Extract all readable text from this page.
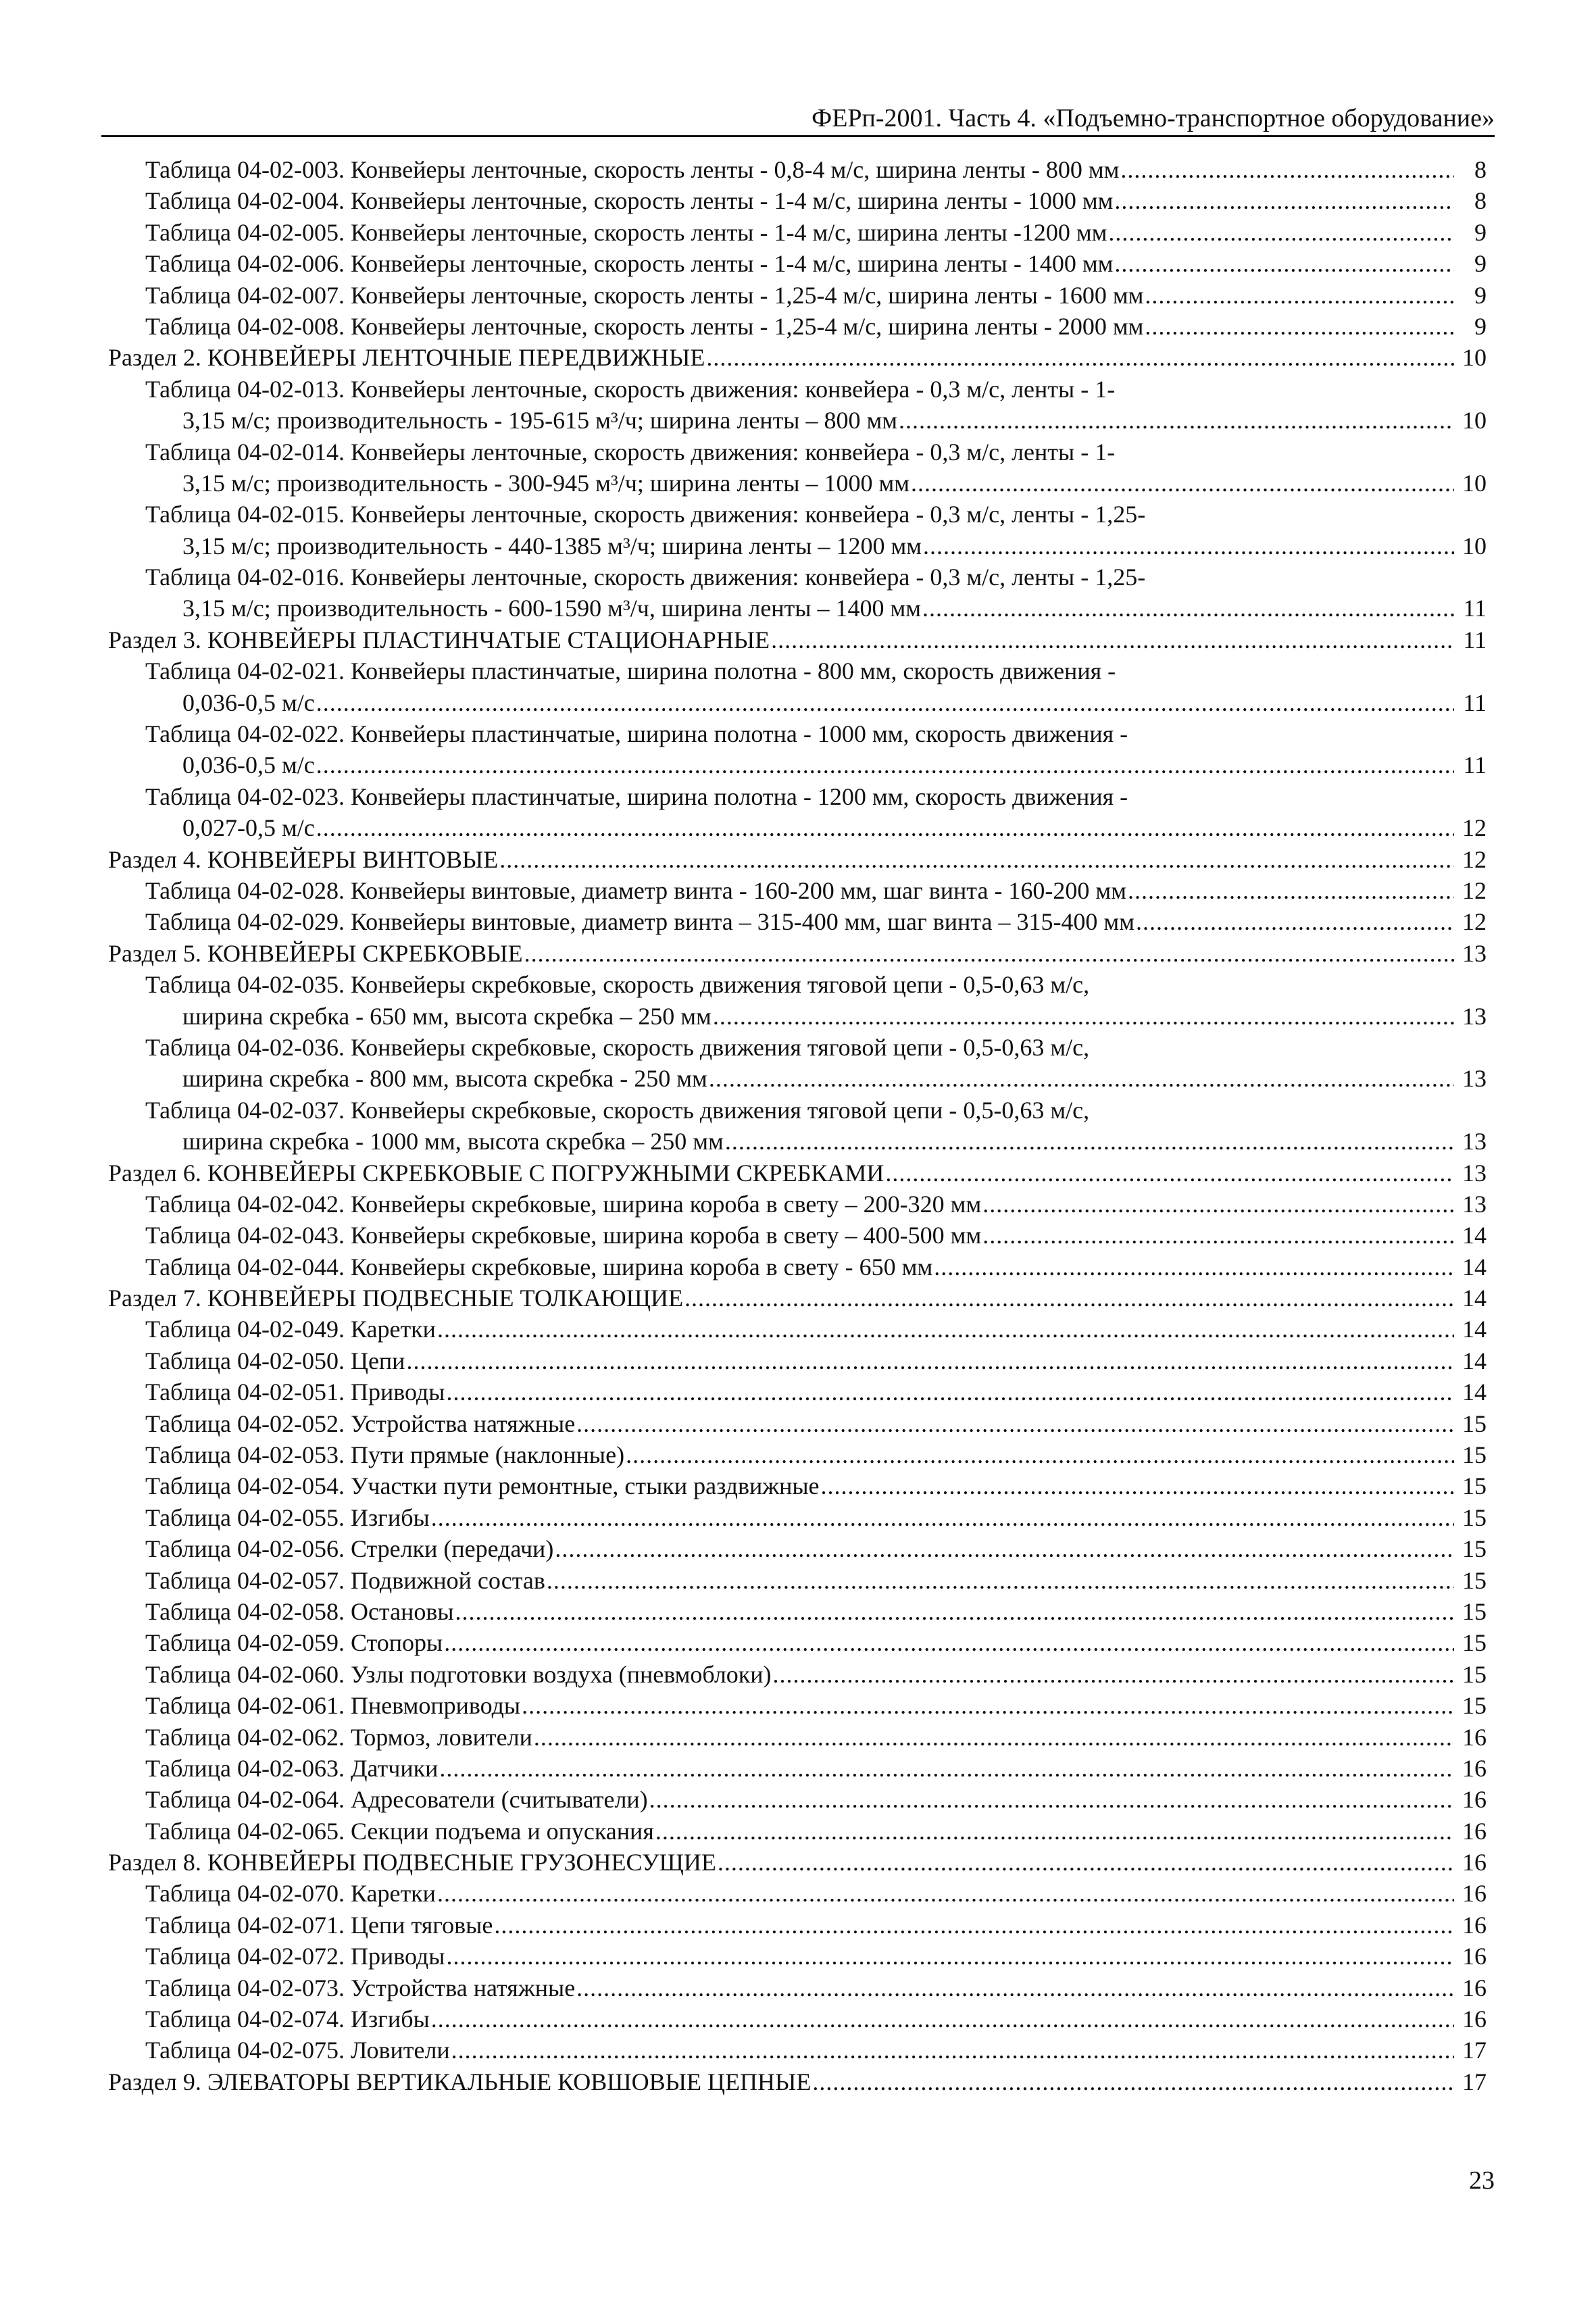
ФЕРп-2001. Часть 4. «Подъемно-транспортное оборудование»
Таблица 04-02-003. Конвейеры ленточные, скорость ленты - 0,8-4 м/с, ширина ленты - 800 мм .....	8
Таблица 04-02-004. Конвейеры ленточные, скорость ленты - 1-4 м/с, ширина ленты - 1000 мм .....	8
Таблица 04-02-005. Конвейеры ленточные, скорость ленты - 1-4 м/с, ширина ленты -1200 мм .....	9
Таблица 04-02-006. Конвейеры ленточные, скорость ленты - 1-4 м/с, ширина ленты - 1400 мм .....	9
Таблица 04-02-007. Конвейеры ленточные, скорость ленты - 1,25-4 м/с, ширина ленты - 1600 мм .....	9
Таблица 04-02-008. Конвейеры ленточные, скорость ленты - 1,25-4 м/с, ширина ленты - 2000 мм .....	9
Раздел 2. КОНВЕЙЕРЫ ЛЕНТОЧНЫЕ ПЕРЕДВИЖНЫЕ .....	10
Таблица 04-02-013. Конвейеры ленточные, скорость движения: конвейера - 0,3 м/с, ленты - 1-
3,15 м/с; производительность - 195-615 м³/ч; ширина ленты – 800 мм .....	10
Таблица 04-02-014. Конвейеры ленточные, скорость движения: конвейера - 0,3 м/с, ленты - 1-
3,15 м/с; производительность - 300-945 м³/ч; ширина ленты – 1000 мм .....	10
Таблица 04-02-015. Конвейеры ленточные, скорость движения: конвейера - 0,3 м/с, ленты - 1,25-
3,15 м/с; производительность - 440-1385 м³/ч; ширина ленты – 1200 мм .....	10
Таблица 04-02-016. Конвейеры ленточные, скорость движения: конвейера - 0,3 м/с, ленты - 1,25-
3,15 м/с; производительность - 600-1590 м³/ч, ширина ленты – 1400 мм .....	11
Раздел 3. КОНВЕЙЕРЫ ПЛАСТИНЧАТЫЕ СТАЦИОНАРНЫЕ .....	11
Таблица 04-02-021. Конвейеры пластинчатые, ширина полотна - 800 мм, скорость движения -
0,036-0,5 м/с .....	11
Таблица 04-02-022. Конвейеры пластинчатые, ширина полотна - 1000 мм, скорость движения -
0,036-0,5 м/с .....	11
Таблица 04-02-023. Конвейеры пластинчатые, ширина полотна - 1200 мм, скорость движения -
0,027-0,5 м/с .....	12
Раздел 4. КОНВЕЙЕРЫ ВИНТОВЫЕ .....	12
Таблица 04-02-028. Конвейеры винтовые, диаметр винта - 160-200 мм, шаг винта - 160-200 мм .....	12
Таблица 04-02-029. Конвейеры винтовые, диаметр винта – 315-400 мм, шаг винта – 315-400 мм .....	12
Раздел 5. КОНВЕЙЕРЫ СКРЕБКОВЫЕ .....	13
Таблица 04-02-035. Конвейеры скребковые, скорость движения тяговой цепи - 0,5-0,63 м/с,
ширина скребка - 650 мм, высота скребка – 250 мм .....	13
Таблица 04-02-036. Конвейеры скребковые, скорость движения тяговой цепи - 0,5-0,63 м/с,
ширина скребка - 800 мм, высота скребка - 250 мм .....	13
Таблица 04-02-037. Конвейеры скребковые, скорость движения тяговой цепи - 0,5-0,63 м/с,
ширина скребка - 1000 мм, высота скребка – 250 мм .....	13
Раздел 6. КОНВЕЙЕРЫ СКРЕБКОВЫЕ С ПОГРУЖНЫМИ СКРЕБКАМИ .....	13
Таблица 04-02-042. Конвейеры скребковые, ширина короба в свету – 200-320 мм .....	13
Таблица 04-02-043. Конвейеры скребковые, ширина короба в свету – 400-500 мм .....	14
Таблица 04-02-044. Конвейеры скребковые, ширина короба в свету - 650 мм .....	14
Раздел 7. КОНВЕЙЕРЫ ПОДВЕСНЫЕ ТОЛКАЮЩИЕ .....	14
Таблица 04-02-049. Каретки .....	14
Таблица 04-02-050. Цепи .....	14
Таблица 04-02-051. Приводы .....	14
Таблица 04-02-052. Устройства натяжные .....	15
Таблица 04-02-053. Пути прямые (наклонные) .....	15
Таблица 04-02-054. Участки пути ремонтные, стыки раздвижные .....	15
Таблица 04-02-055. Изгибы .....	15
Таблица 04-02-056. Стрелки (передачи) .....	15
Таблица 04-02-057. Подвижной состав .....	15
Таблица 04-02-058. Остановы .....	15
Таблица 04-02-059. Стопоры .....	15
Таблица 04-02-060. Узлы подготовки воздуха (пневмоблоки) .....	15
Таблица 04-02-061. Пневмоприводы .....	15
Таблица 04-02-062. Тормоз, ловители .....	16
Таблица 04-02-063. Датчики .....	16
Таблица 04-02-064. Адресователи (считыватели) .....	16
Таблица 04-02-065. Секции подъема и опускания .....	16
Раздел 8. КОНВЕЙЕРЫ ПОДВЕСНЫЕ ГРУЗОНЕСУЩИЕ .....	16
Таблица 04-02-070. Каретки .....	16
Таблица 04-02-071. Цепи тяговые .....	16
Таблица 04-02-072. Приводы .....	16
Таблица 04-02-073. Устройства натяжные .....	16
Таблица 04-02-074. Изгибы .....	16
Таблица 04-02-075. Ловители .....	17
Раздел 9. ЭЛЕВАТОРЫ ВЕРТИКАЛЬНЫЕ КОВШОВЫЕ ЦЕПНЫЕ .....	17
23
